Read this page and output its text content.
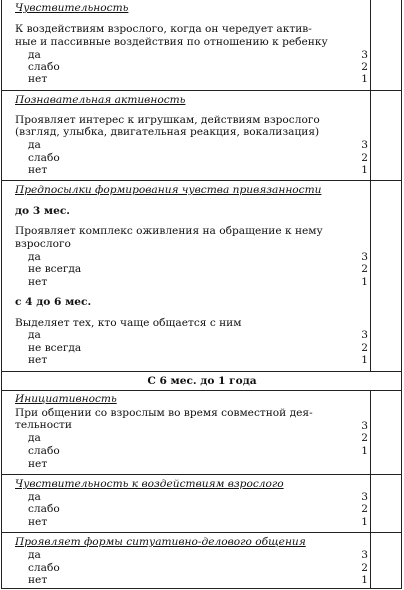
Чувствительность
К воздействиям взрослого, когда он чередует актив-
ные и пассивные воздействия по отношению к ребенку
да	3
слабо	2
нет	1
Познавательная активность
Проявляет интерес к игрушкам, действиям взрослого
(взгляд, улыбка, двигательная реакция, вокализация)
да	3
слабо	2
нет	1
Предпосылки формирования чувства привязанности
до 3 мес.
Проявляет комплекс оживления на обращение к нему
взрослого
да	3
не всегда	2
нет	1
с 4 до 6 мес.
Выделяет тех, кто чаще общается с ним
да	3
не всегда	2
нет	1
С 6 мес. до 1 года
Инициативность
При общении со взрослым во время совместной дея-
тельности	3
да	2
слабо	1
нет
Чувствительность к воздействиям взрослого
да	3
слабо	2
нет	1
Проявляет формы ситуативно-делового общения
да	3
слабо	2
нет	1
